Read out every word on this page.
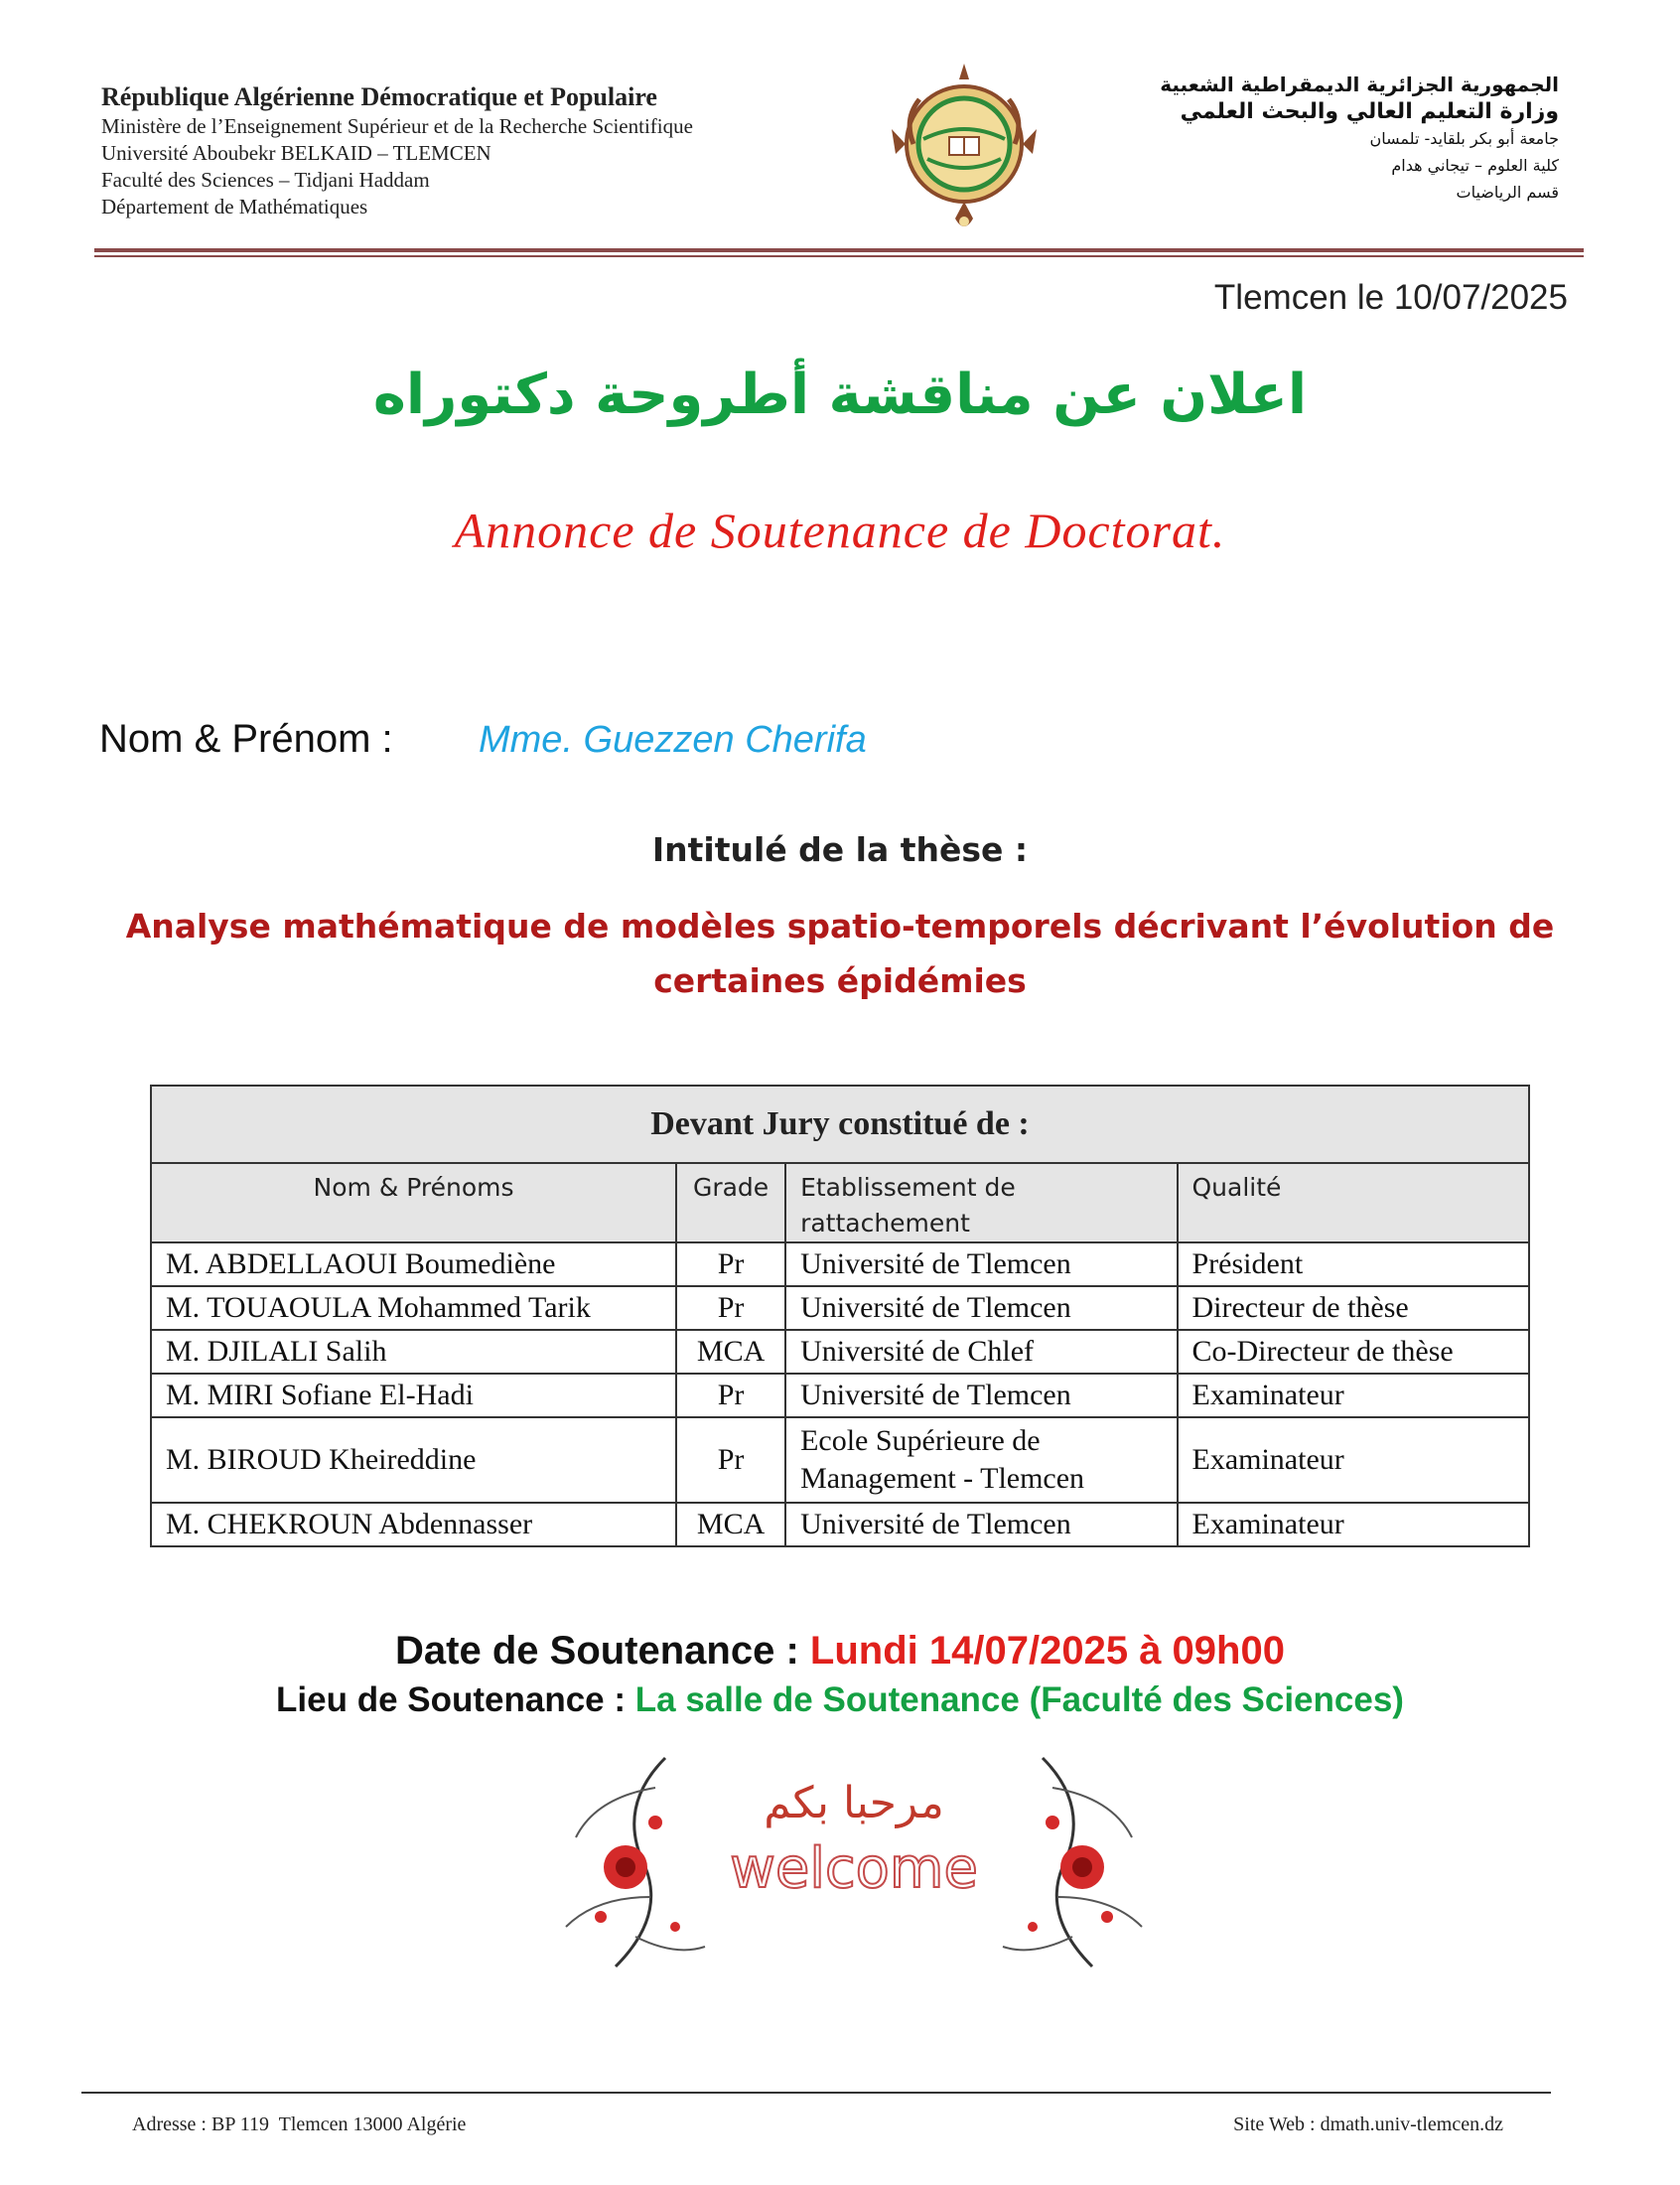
République Algérienne Démocratique et Populaire
Ministère de l’Enseignement Supérieur et de la Recherche Scientifique
Université Aboubekr BELKAID – TLEMCEN
Faculté des Sciences – Tidjani Haddam
Département de Mathématiques
الجمهورية الجزائرية الديمقراطية الشعبية
وزارة التعليم العالي والبحث العلمي
جامعة أبو بكر بلقايد- تلمسان
كلية العلوم – تيجاني هدام
قسم الرياضيات
Tlemcen le 10/07/2025
اعلان عن مناقشة أطروحة دكتوراه
Annonce de Soutenance de Doctorat.
Nom & Prénom : Mme. Guezzen Cherifa
Intitulé de la thèse :
Analyse mathématique de modèles spatio-temporels décrivant l’évolution de certaines épidémies
Devant Jury constitué de :			
Nom & Prénoms	Grade	Etablissement de rattachement	Qualité
M. ABDELLAOUI Boumediène	Pr	Université de Tlemcen	Président
M. TOUAOULA Mohammed Tarik	Pr	Université de Tlemcen	Directeur de thèse
M. DJILALI Salih	MCA	Université de Chlef	Co-Directeur de thèse
M. MIRI Sofiane El-Hadi	Pr	Université de Tlemcen	Examinateur
M. BIROUD Kheireddine	Pr	Ecole Supérieure de Management - Tlemcen	Examinateur
M. CHEKROUN Abdennasser	MCA	Université de Tlemcen	Examinateur
Date de Soutenance : Lundi 14/07/2025 à 09h00
Lieu de Soutenance : La salle de Soutenance (Faculté des Sciences)
مرحبا بكم
welcome
Adresse : BP 119  Tlemcen 13000 Algérie	Site Web : dmath.univ-tlemcen.dz
